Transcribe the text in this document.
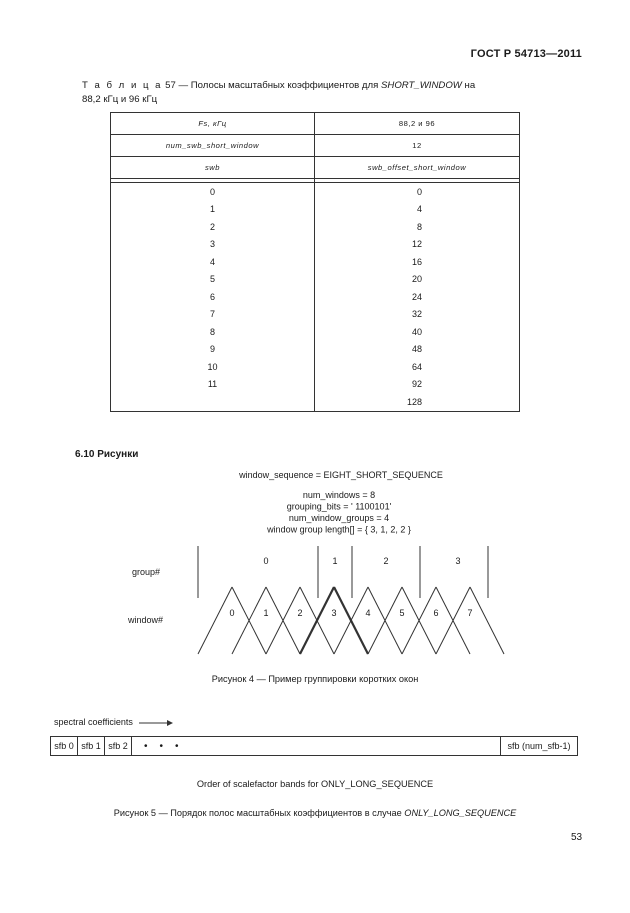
ГОСТ Р 54713—2011
Т а б л и ц а 57 — Полосы масштабных коэффициентов для SHORT_WINDOW на
88,2 кГц и 96 кГц
Fs, кГц	88,2 и 96
num_swb_short_window	12
swb	swb_offset_short_window

0	0
1	4
2	8
3	12
4	16
5	20
6	24
7	32
8	40
9	48
10	64
11	92
	128
6.10 Рисунки
window_sequence = EIGHT_SHORT_SEQUENCE
num_windows = 8
grouping_bits = ' 1100101'
num_window_groups = 4
window group length[] = { 3, 1, 2, 2 }
group#
window#
0	1	2	3
0	1	2	3	4	5	6	7
Рисунок 4 — Пример группировки коротких окон
spectral coefficients
sfb 0 sfb 1 sfb 2	• • •	sfb (num_sfb-1)
Order of scalefactor bands for ONLY_LONG_SEQUENCE
Рисунок 5 — Порядок полос масштабных коэффициентов в случае ONLY_LONG_SEQUENCE
53
